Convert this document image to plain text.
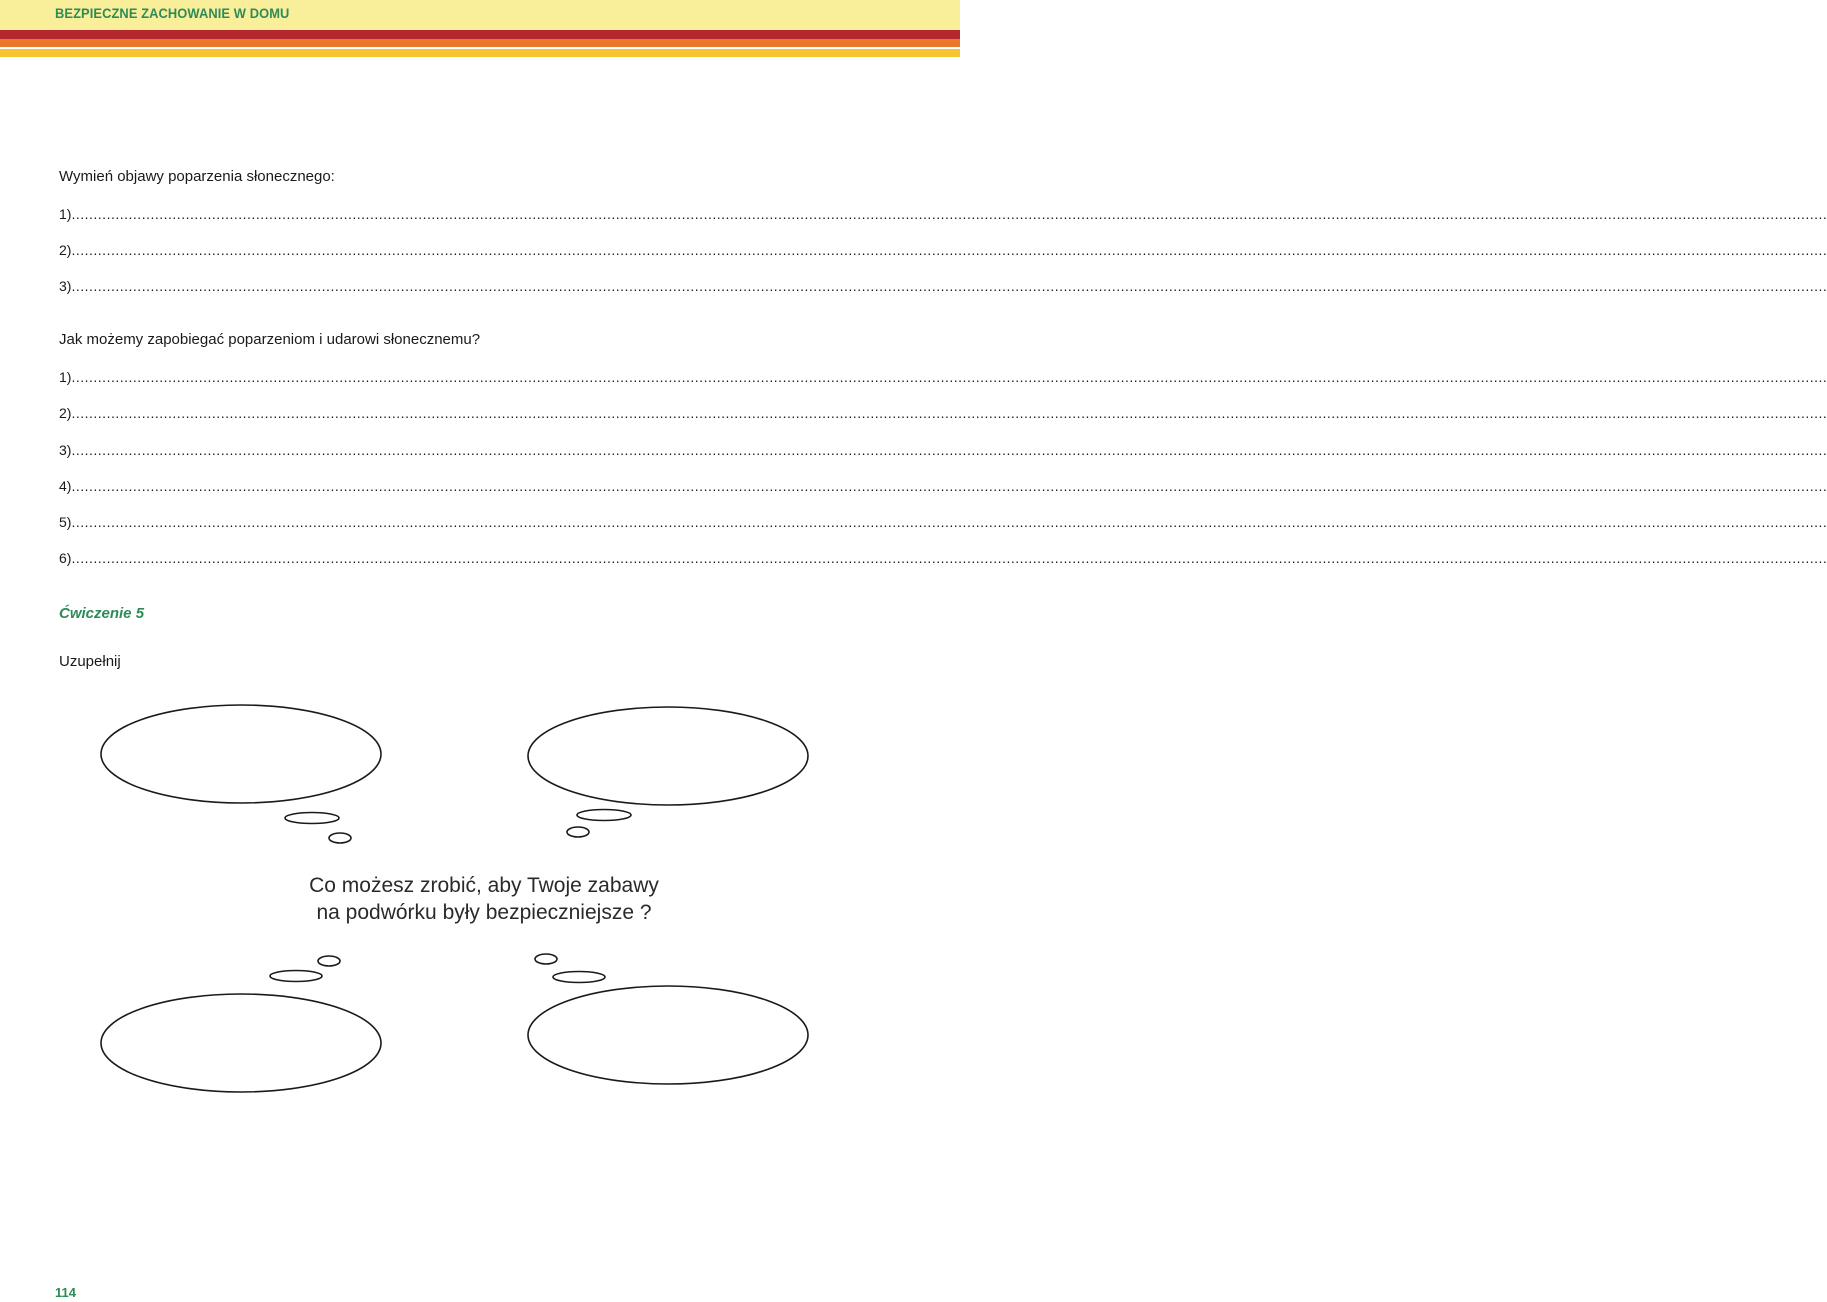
BEZPIECZNE ZACHOWANIE W DOMU
Wymień objawy poparzenia słonecznego:
1) ................................................................................................................................................................................................................................................................................................................................................................................................................
2) ................................................................................................................................................................................................................................................................................................................................................................................................................
3) ................................................................................................................................................................................................................................................................................................................................................................................................................
Jak możemy zapobiegać poparzeniom i udarowi słonecznemu?
1) ................................................................................................................................................................................................................................................................................................................................................................................................................
2) ................................................................................................................................................................................................................................................................................................................................................................................................................
3) ................................................................................................................................................................................................................................................................................................................................................................................................................
4) ................................................................................................................................................................................................................................................................................................................................................................................................................
5) ................................................................................................................................................................................................................................................................................................................................................................................................................
6) ................................................................................................................................................................................................................................................................................................................................................................................................................
Ćwiczenie 5
Uzupełnij
Co możesz zrobić, aby Twoje zabawy
na podwórku były bezpieczniejsze ?
114
